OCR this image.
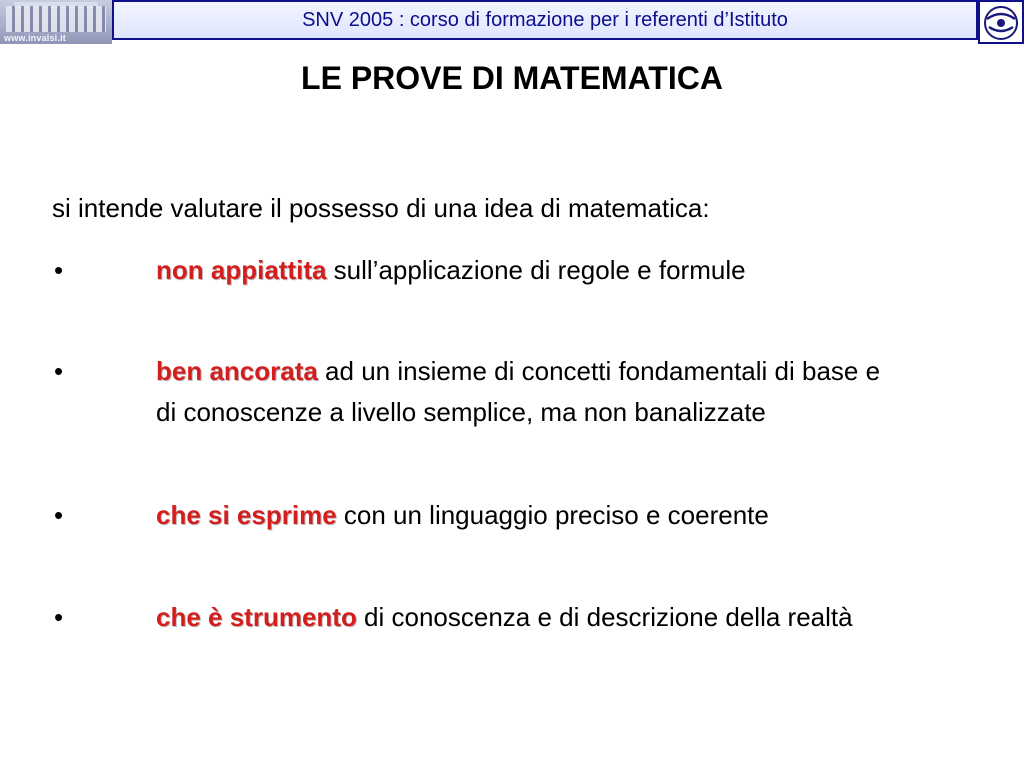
www.invalsi.it
SNV 2005 : corso di formazione per i referenti d’Istituto
LE PROVE DI MATEMATICA
si intende valutare il possesso di una idea di matematica:
•	non appiattita sull’applicazione di regole e formule
•	ben ancorata ad un insieme di concetti fondamentali di base e   di conoscenze a livello semplice, ma non banalizzate
•	che si esprime con un linguaggio preciso e coerente
•	che è strumento di conoscenza e di descrizione della realtà
